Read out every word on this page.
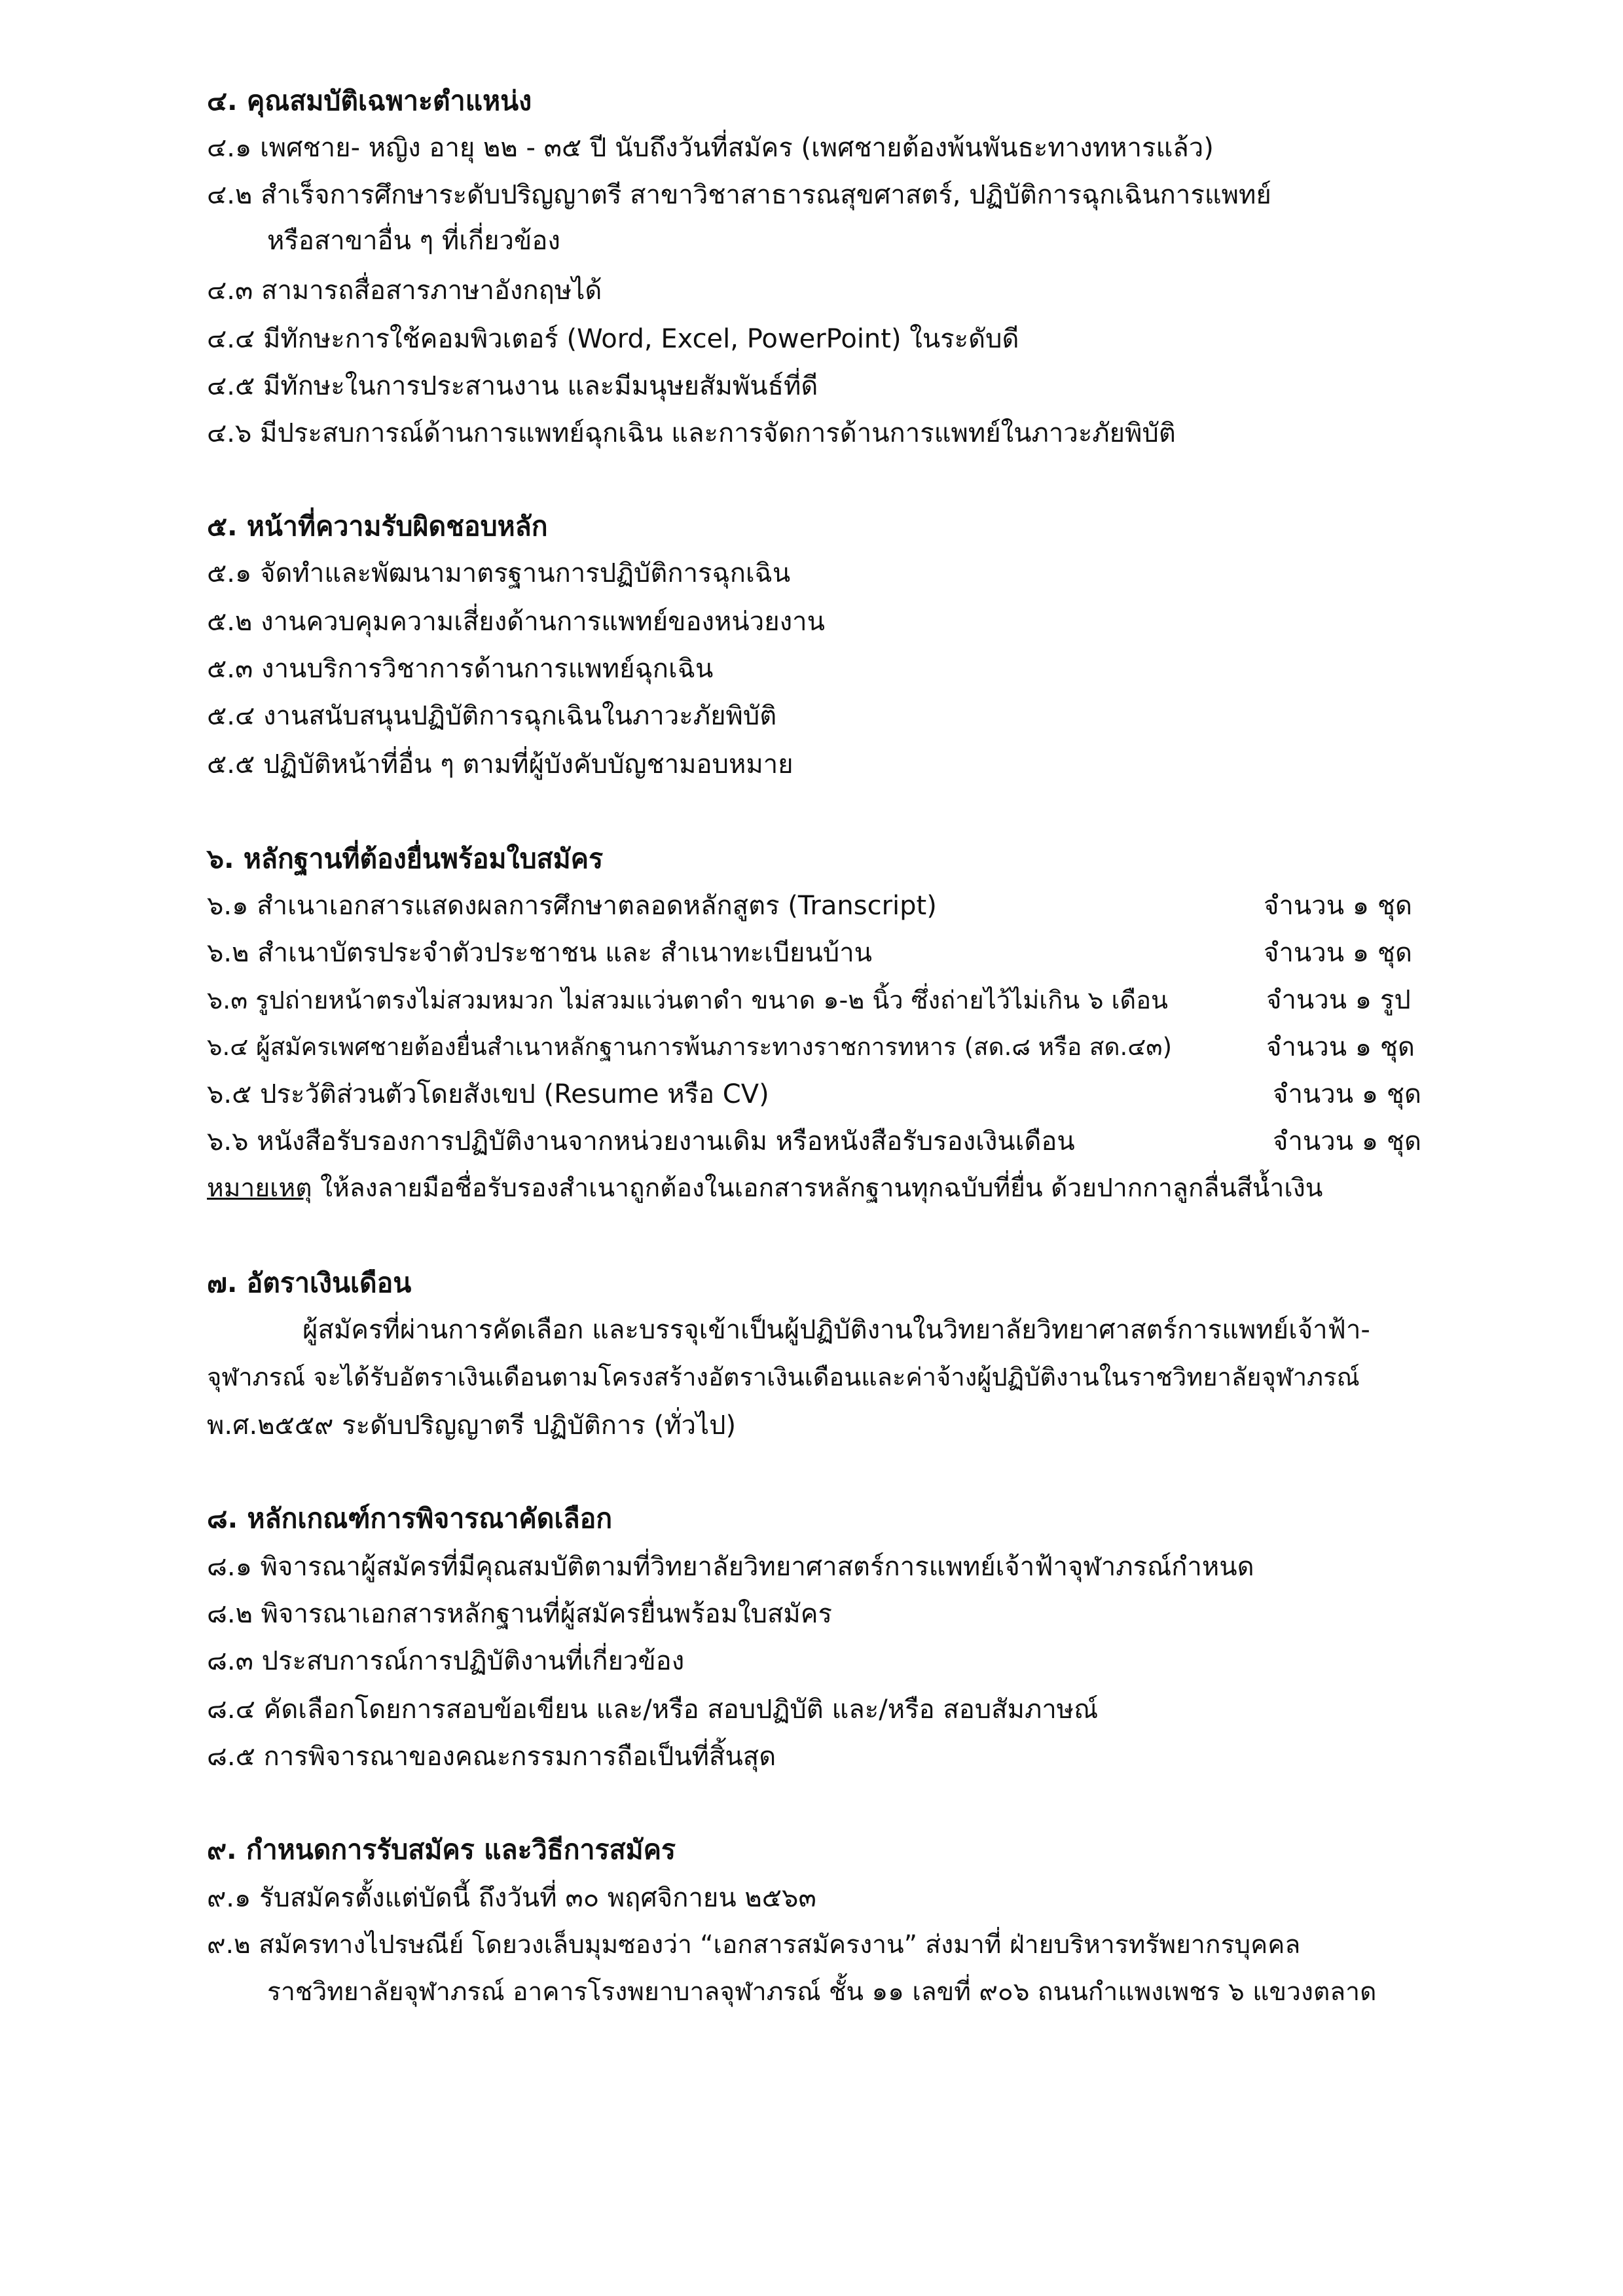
๔. คุณสมบัติเฉพาะตำแหน่ง
๔.๑ เพศชาย- หญิง อายุ ๒๒ - ๓๕ ปี นับถึงวันที่สมัคร (เพศชายต้องพ้นพันธะทางทหารแล้ว)
๔.๒ สำเร็จการศึกษาระดับปริญญาตรี สาขาวิชาสาธารณสุขศาสตร์, ปฏิบัติการฉุกเฉินการแพทย์
หรือสาขาอื่น ๆ ที่เกี่ยวข้อง
๔.๓ สามารถสื่อสารภาษาอังกฤษได้
๔.๔ มีทักษะการใช้คอมพิวเตอร์ (Word, Excel, PowerPoint) ในระดับดี
๔.๕ มีทักษะในการประสานงาน และมีมนุษยสัมพันธ์ที่ดี
๔.๖ มีประสบการณ์ด้านการแพทย์ฉุกเฉิน และการจัดการด้านการแพทย์ในภาวะภัยพิบัติ
๕. หน้าที่ความรับผิดชอบหลัก
๕.๑ จัดทำและพัฒนามาตรฐานการปฏิบัติการฉุกเฉิน
๕.๒ งานควบคุมความเสี่ยงด้านการแพทย์ของหน่วยงาน
๕.๓ งานบริการวิชาการด้านการแพทย์ฉุกเฉิน
๕.๔ งานสนับสนุนปฏิบัติการฉุกเฉินในภาวะภัยพิบัติ
๕.๕ ปฏิบัติหน้าที่อื่น ๆ ตามที่ผู้บังคับบัญชามอบหมาย
๖. หลักฐานที่ต้องยื่นพร้อมใบสมัคร
๖.๑ สำเนาเอกสารแสดงผลการศึกษาตลอดหลักสูตร (Transcript)	จำนวน ๑ ชุด
๖.๒ สำเนาบัตรประจำตัวประชาชน และ สำเนาทะเบียนบ้าน	จำนวน ๑ ชุด
๖.๓ รูปถ่ายหน้าตรงไม่สวมหมวก ไม่สวมแว่นตาดำ ขนาด ๑-๒ นิ้ว ซึ่งถ่ายไว้ไม่เกิน ๖ เดือน	จำนวน ๑ รูป
๖.๔ ผู้สมัครเพศชายต้องยื่นสำเนาหลักฐานการพ้นภาระทางราชการทหาร (สด.๘ หรือ สด.๔๓)	จำนวน ๑ ชุด
๖.๕ ประวัติส่วนตัวโดยสังเขป (Resume หรือ CV)	จำนวน ๑ ชุด
๖.๖ หนังสือรับรองการปฏิบัติงานจากหน่วยงานเดิม หรือหนังสือรับรองเงินเดือน	จำนวน ๑ ชุด
หมายเหตุ ให้ลงลายมือชื่อรับรองสำเนาถูกต้องในเอกสารหลักฐานทุกฉบับที่ยื่น ด้วยปากกาลูกลื่นสีน้ำเงิน
๗. อัตราเงินเดือน
ผู้สมัครที่ผ่านการคัดเลือก และบรรจุเข้าเป็นผู้ปฏิบัติงานในวิทยาลัยวิทยาศาสตร์การแพทย์เจ้าฟ้า-
จุฬาภรณ์ จะได้รับอัตราเงินเดือนตามโครงสร้างอัตราเงินเดือนและค่าจ้างผู้ปฏิบัติงานในราชวิทยาลัยจุฬาภรณ์
พ.ศ.๒๕๕๙ ระดับปริญญาตรี ปฏิบัติการ (ทั่วไป)
๘. หลักเกณฑ์การพิจารณาคัดเลือก
๘.๑ พิจารณาผู้สมัครที่มีคุณสมบัติตามที่วิทยาลัยวิทยาศาสตร์การแพทย์เจ้าฟ้าจุฬาภรณ์กำหนด
๘.๒ พิจารณาเอกสารหลักฐานที่ผู้สมัครยื่นพร้อมใบสมัคร
๘.๓ ประสบการณ์การปฏิบัติงานที่เกี่ยวข้อง
๘.๔ คัดเลือกโดยการสอบข้อเขียน และ/หรือ สอบปฏิบัติ และ/หรือ สอบสัมภาษณ์
๘.๕ การพิจารณาของคณะกรรมการถือเป็นที่สิ้นสุด
๙. กำหนดการรับสมัคร และวิธีการสมัคร
๙.๑ รับสมัครตั้งแต่บัดนี้ ถึงวันที่ ๓๐ พฤศจิกายน ๒๕๖๓
๙.๒ สมัครทางไปรษณีย์ โดยวงเล็บมุมซองว่า “เอกสารสมัครงาน” ส่งมาที่ ฝ่ายบริหารทรัพยากรบุคคล
ราชวิทยาลัยจุฬาภรณ์ อาคารโรงพยาบาลจุฬาภรณ์ ชั้น ๑๑ เลขที่ ๙๐๖ ถนนกำแพงเพชร ๖ แขวงตลาด
